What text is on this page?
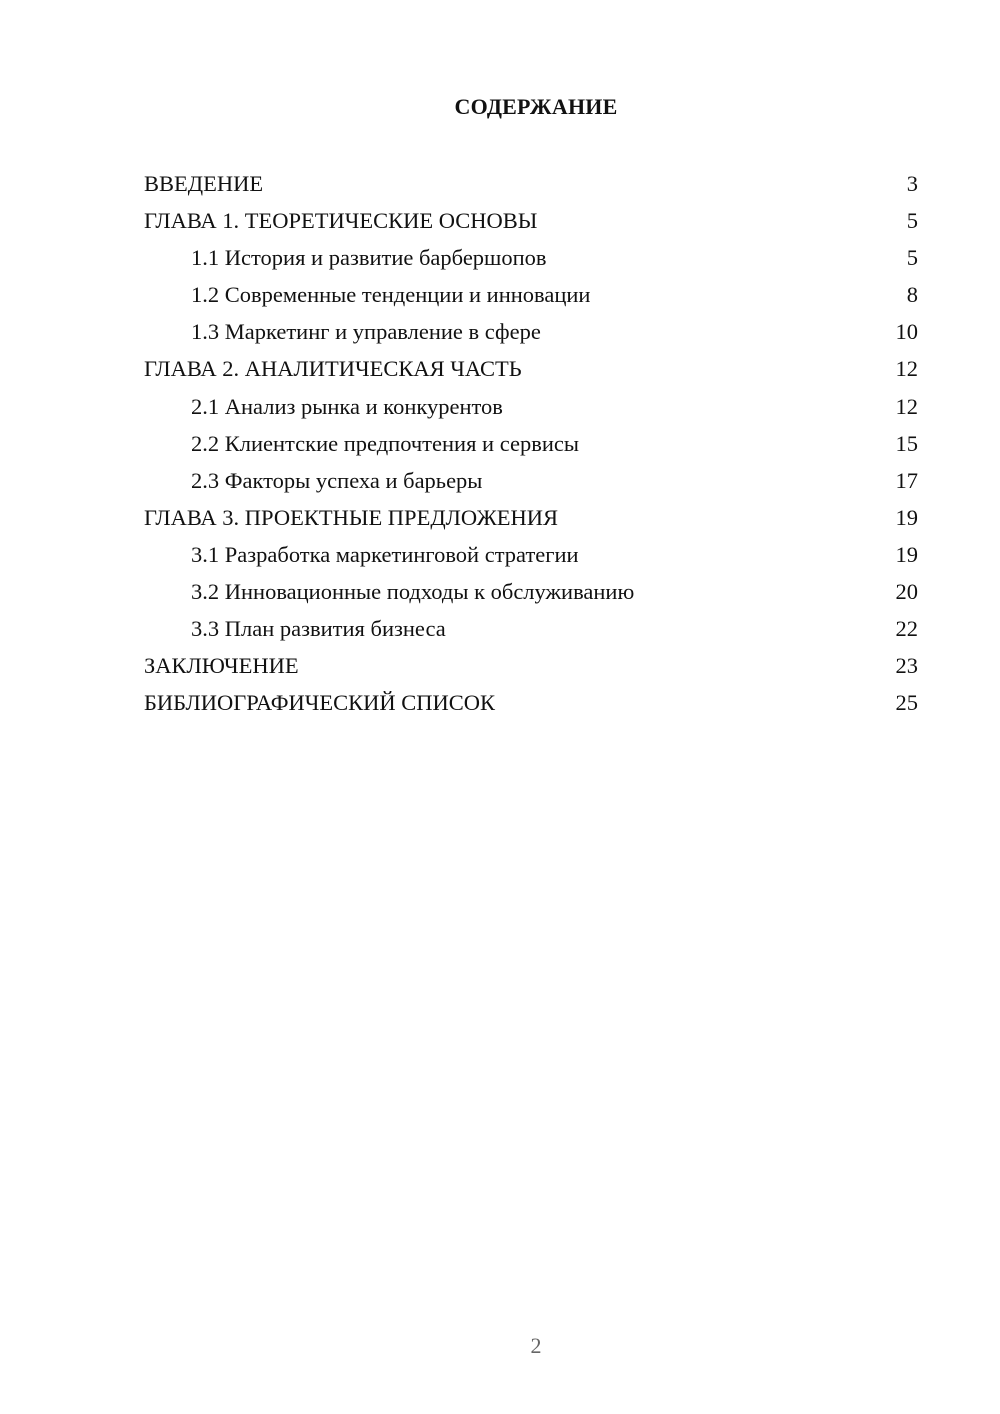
СОДЕРЖАНИЕ
ВВЕДЕНИЕ	3
ГЛАВА 1. ТЕОРЕТИЧЕСКИЕ ОСНОВЫ	5
1.1 История и развитие барбершопов	5
1.2 Современные тенденции и инновации	8
1.3 Маркетинг и управление в сфере	10
ГЛАВА 2. АНАЛИТИЧЕСКАЯ ЧАСТЬ	12
2.1 Анализ рынка и конкурентов	12
2.2 Клиентские предпочтения и сервисы	15
2.3 Факторы успеха и барьеры	17
ГЛАВА 3. ПРОЕКТНЫЕ ПРЕДЛОЖЕНИЯ	19
3.1 Разработка маркетинговой стратегии	19
3.2 Инновационные подходы к обслуживанию	20
3.3 План развития бизнеса	22
ЗАКЛЮЧЕНИЕ	23
БИБЛИОГРАФИЧЕСКИЙ СПИСОК	25
2
